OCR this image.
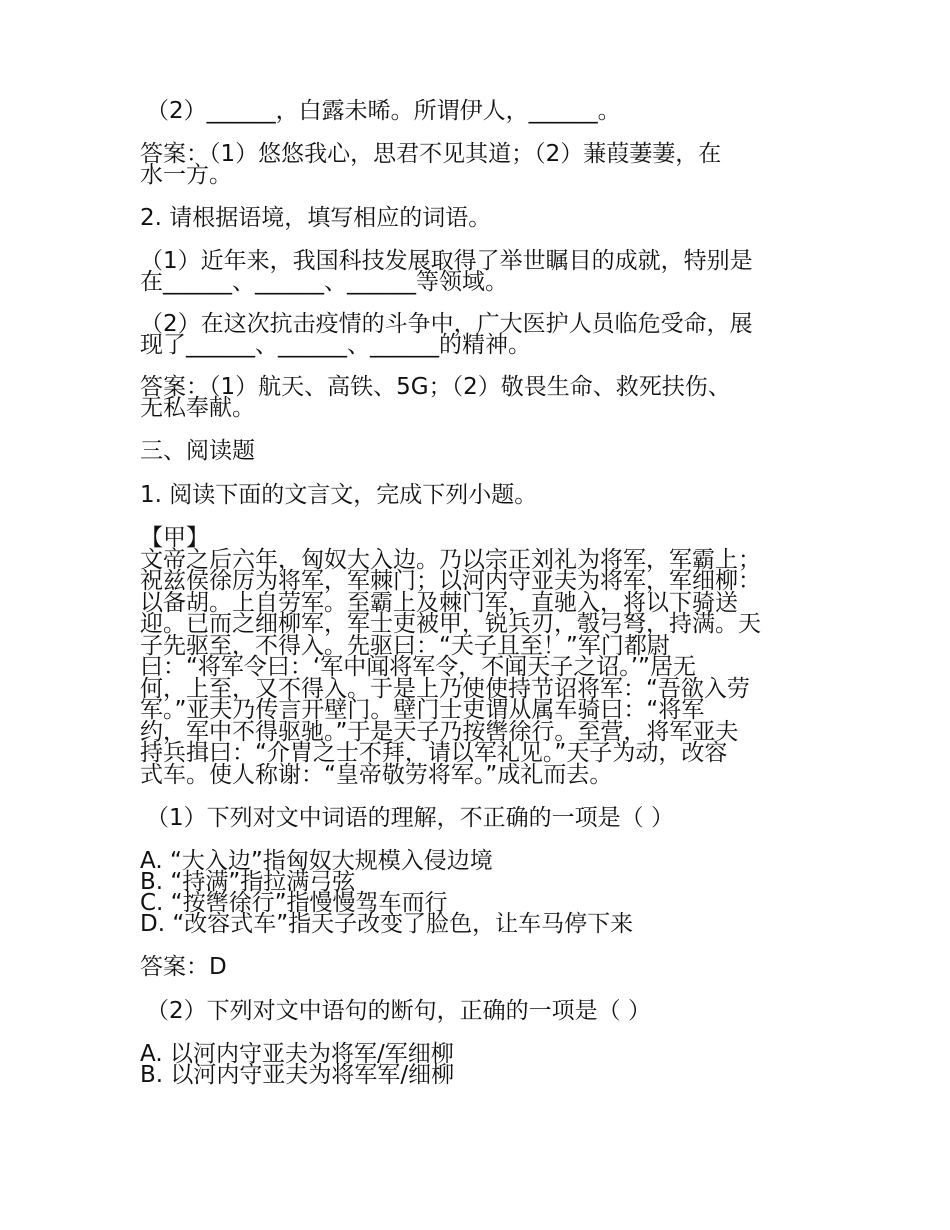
（2）______，白露未晞。所谓伊人，______。
答案：（1）悠悠我心，思君不见其道；（2）蒹葭萋萋，在
水一方。
2. 请根据语境，填写相应的词语。
（1）近年来，我国科技发展取得了举世瞩目的成就，特别是
在______、______、______等领域。
（2）在这次抗击疫情的斗争中，广大医护人员临危受命，展
现了______、______、______的精神。
答案：（1）航天、高铁、5G；（2）敬畏生命、救死扶伤、
无私奉献。
三、阅读题
1. 阅读下面的文言文，完成下列小题。
【甲】
文帝之后六年，匈奴大入边。乃以宗正刘礼为将军，军霸上；
祝兹侯徐厉为将军，军棘门；以河内守亚夫为将军，军细柳：
以备胡。上自劳军。至霸上及棘门军，直驰入，将以下骑送
迎。已而之细柳军，军士吏被甲，锐兵刃，彀弓弩，持满。天
子先驱至，不得入。先驱曰：“天子且至！”军门都尉
曰：“将军令曰：‘军中闻将军令，不闻天子之诏。’”居无
何，上至，又不得入。于是上乃使使持节诏将军：“吾欲入劳
军。”亚夫乃传言开壁门。壁门士吏谓从属车骑曰：“将军
约，军中不得驱驰。”于是天子乃按辔徐行。至营，将军亚夫
持兵揖曰：“介胄之士不拜，请以军礼见。”天子为动，改容
式车。使人称谢：“皇帝敬劳将军。”成礼而去。
（1）下列对文中词语的理解，不正确的一项是（ ）
A. “大入边”指匈奴大规模入侵边境
B. “持满”指拉满弓弦
C. “按辔徐行”指慢慢驾车而行
D. “改容式车”指天子改变了脸色，让车马停下来
答案：D
（2）下列对文中语句的断句，正确的一项是（ ）
A. 以河内守亚夫为将军/军细柳
B. 以河内守亚夫为将军军/细柳
